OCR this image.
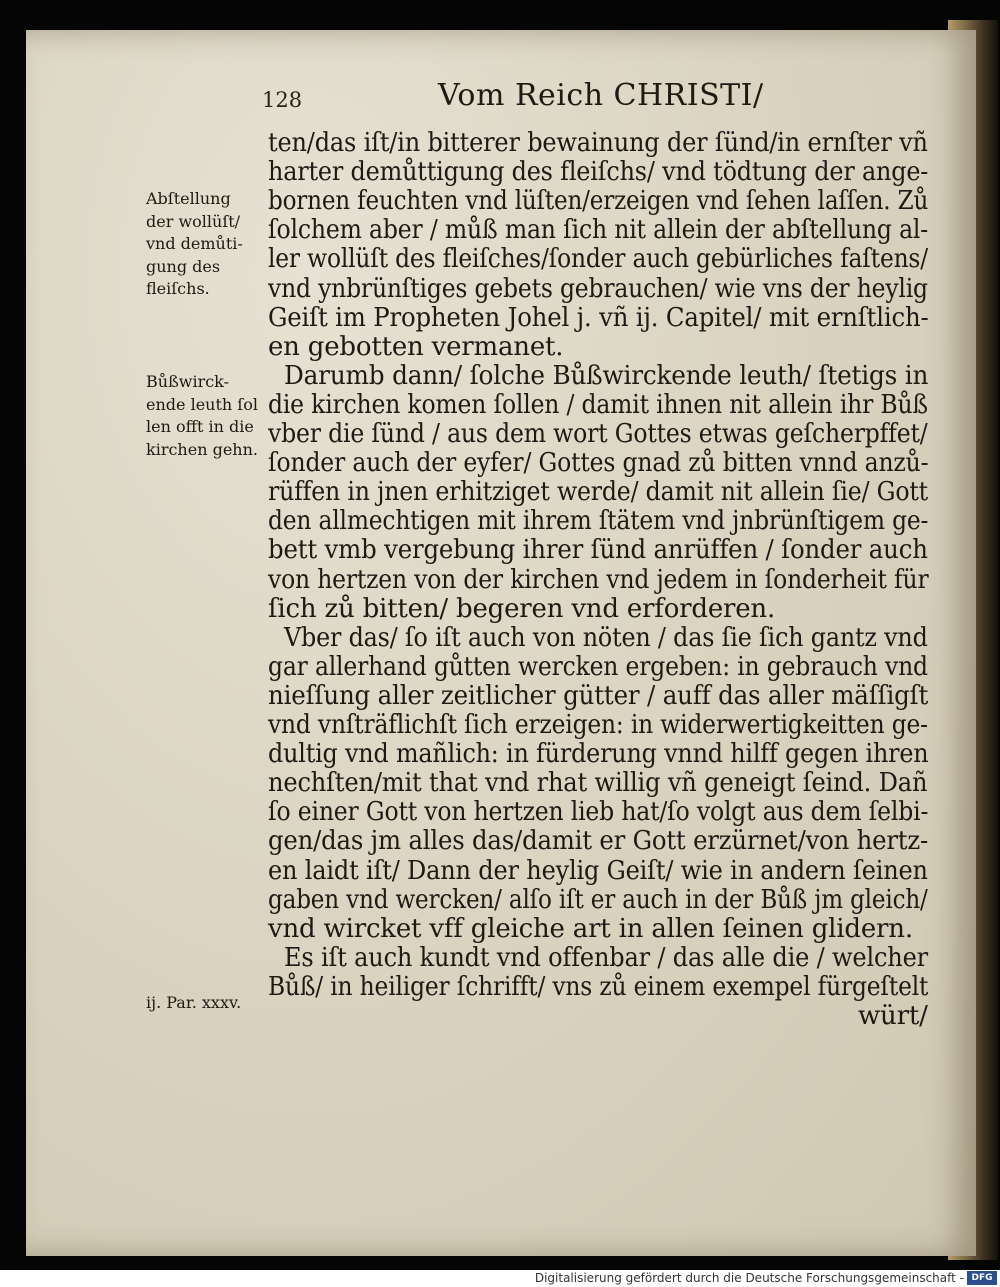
128	Vom Reich CHRISTI/
ten/das iſt/in bitterer bewainung der ſünd/in ernſter vñ
harter demůttigung des fleiſchs/ vnd tödtung der ange-
bornen feuchten vnd lüſten/erzeigen vnd ſehen laſſen. Zů
ſolchem aber / můß man ſich nit allein der abſtellung al-
ler wollüſt des fleiſches/ſonder auch gebürliches faſtens/
vnd ynbrünſtiges gebets gebrauchen/ wie vns der heylig
Geiſt im Propheten Johel j. vñ ij. Capitel/ mit ernſtlich-
en gebotten vermanet.
Darumb dann/ ſolche Bůßwirckende leuth/ ſtetigs in
die kirchen komen ſollen / damit ihnen nit allein ihr Bůß
vber die ſünd / aus dem wort Gottes etwas geſcherpffet/
ſonder auch der eyfer/ Gottes gnad zů bitten vnnd anzů-
rüffen in jnen erhitziget werde/ damit nit allein ſie/ Gott
den allmechtigen mit ihrem ſtätem vnd jnbrünſtigem ge-
bett vmb vergebung ihrer ſünd anrüffen / ſonder auch
von hertzen von der kirchen vnd jedem in ſonderheit für
ſich zů bitten/ begeren vnd erforderen.
Vber das/ ſo iſt auch von nöten / das ſie ſich gantz vnd
gar allerhand gůtten wercken ergeben: in gebrauch vnd
nieſſung aller zeitlicher gütter / auff das aller mäſſigſt
vnd vnſträflichſt ſich erzeigen: in widerwertigkeitten ge-
dultig vnd mañlich: in fürderung vnnd hilff gegen ihren
nechſten/mit that vnd rhat willig vñ geneigt ſeind. Dañ
ſo einer Gott von hertzen lieb hat/ſo volgt aus dem ſelbi-
gen/das jm alles das/damit er Gott erzürnet/von hertz-
en laidt iſt/ Dann der heylig Geiſt/ wie in andern ſeinen
gaben vnd wercken/ alſo iſt er auch in der Bůß jm gleich/
vnd wircket vff gleiche art in allen ſeinen glidern.
Es iſt auch kundt vnd offenbar / das alle die / welcher
Bůß/ in heiliger ſchrifft/ vns zů einem exempel fürgeſtelt
würt/
Abſtellung
der wollüſt/
vnd demůti-
gung des
fleiſchs.
Bůßwirck-
ende leuth ſol
len offt in die
kirchen gehn.
ij. Par. xxxv.
Digitalisierung gefördert durch die Deutsche Forschungsgemeinschaft - DFG
